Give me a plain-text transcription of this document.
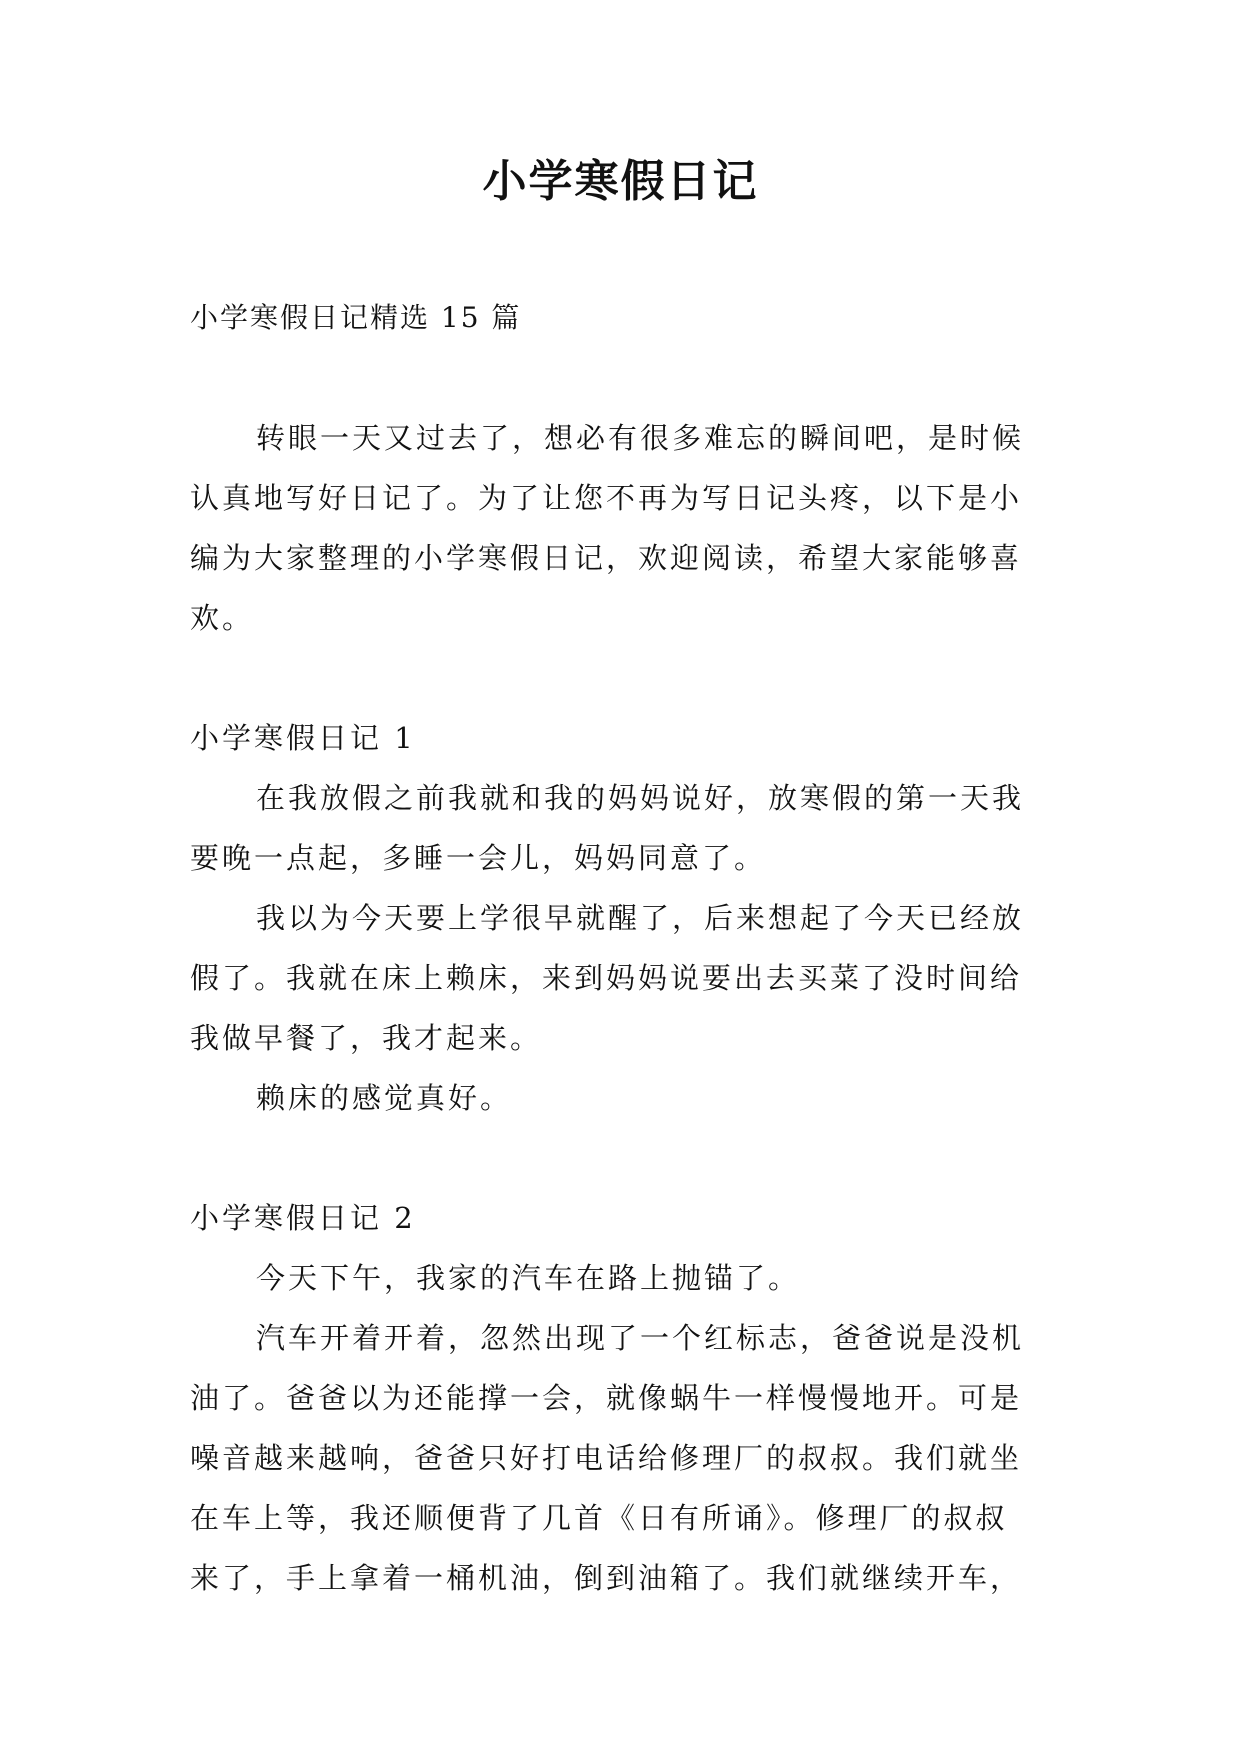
小学寒假日记
小学寒假日记精选 15 篇
转眼一天又过去了，想必有很多难忘的瞬间吧，是时候
认真地写好日记了。为了让您不再为写日记头疼，以下是小
编为大家整理的小学寒假日记，欢迎阅读，希望大家能够喜
欢。
小学寒假日记 1
在我放假之前我就和我的妈妈说好，放寒假的第一天我
要晚一点起，多睡一会儿，妈妈同意了。
我以为今天要上学很早就醒了，后来想起了今天已经放
假了。我就在床上赖床，来到妈妈说要出去买菜了没时间给
我做早餐了，我才起来。
赖床的感觉真好。
小学寒假日记 2
今天下午，我家的汽车在路上抛锚了。
汽车开着开着，忽然出现了一个红标志，爸爸说是没机
油了。爸爸以为还能撑一会，就像蜗牛一样慢慢地开。可是
噪音越来越响，爸爸只好打电话给修理厂的叔叔。我们就坐
在车上等，我还顺便背了几首《日有所诵》。修理厂的叔叔
来了，手上拿着一桶机油，倒到油箱了。我们就继续开车，
